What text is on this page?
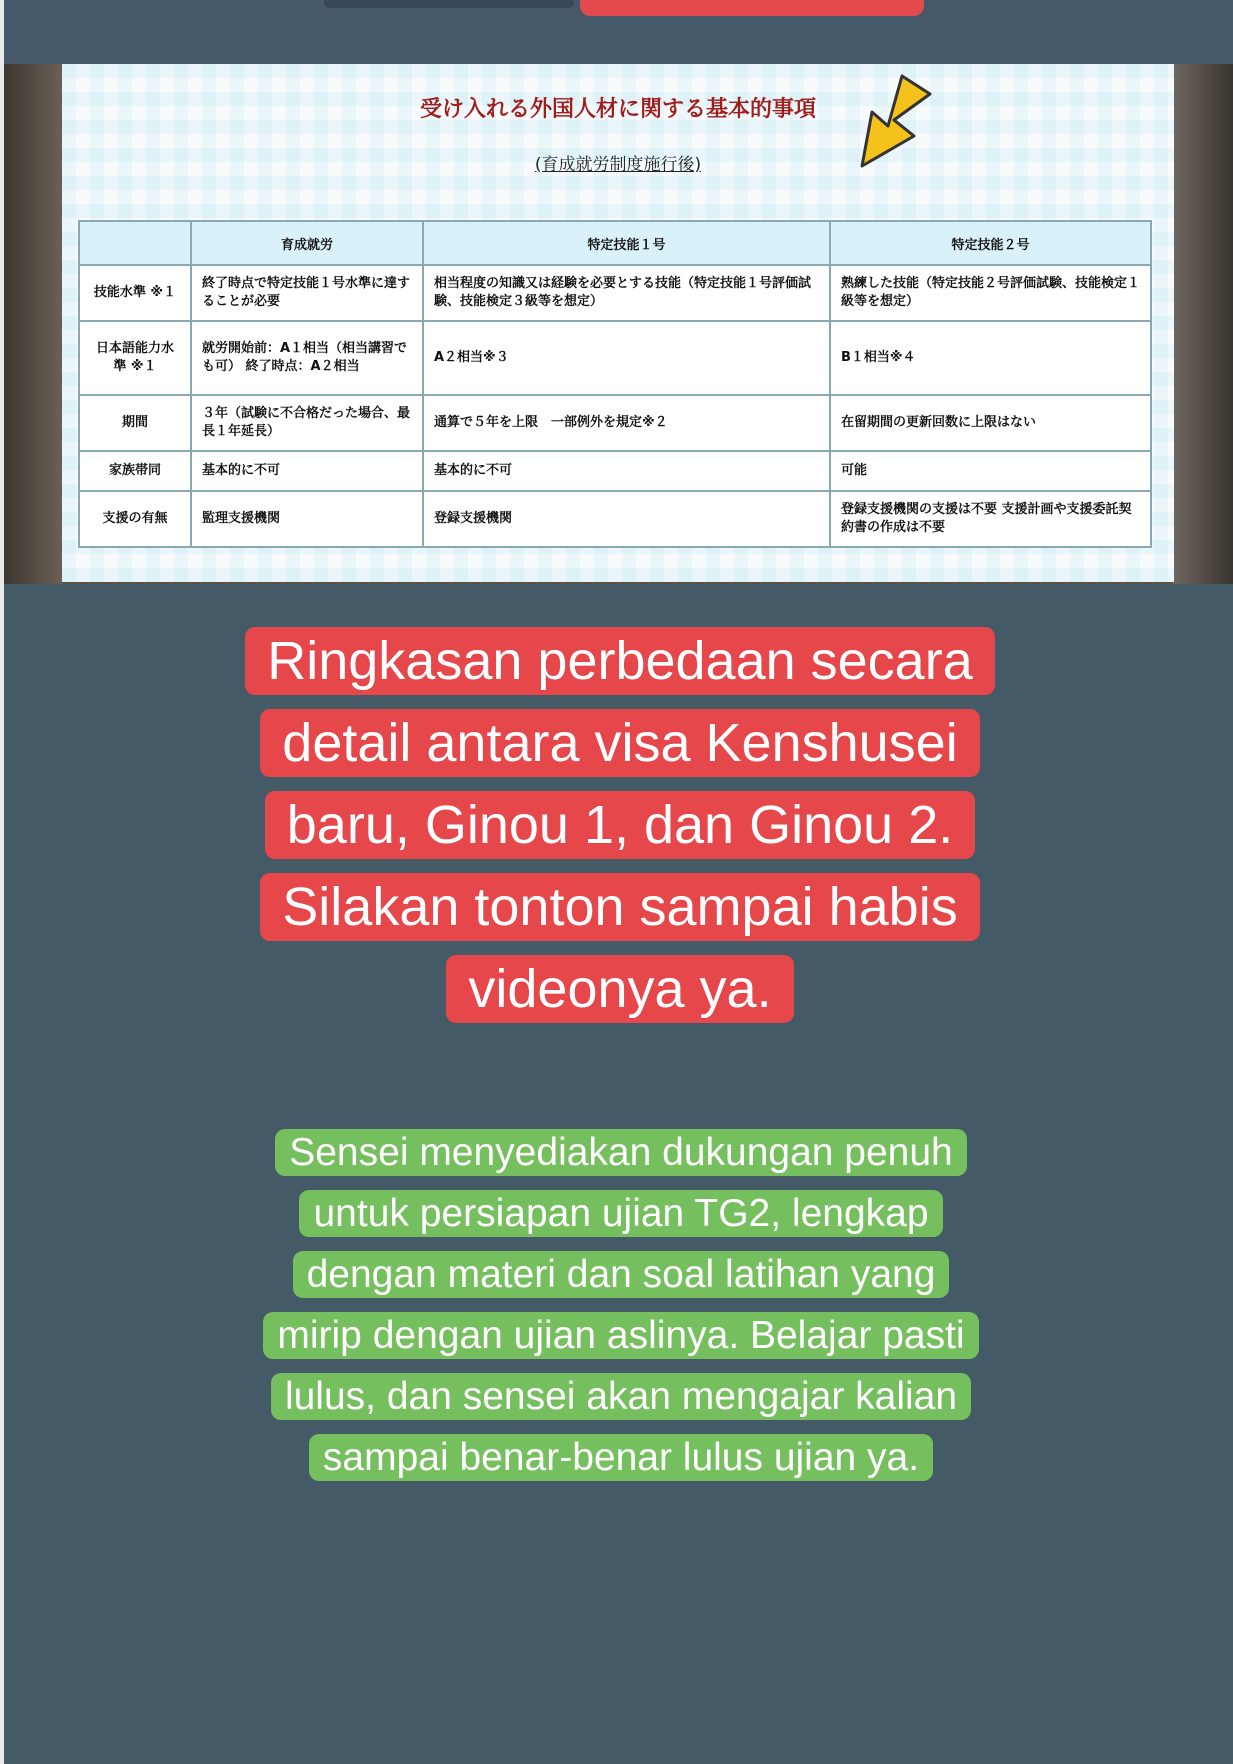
受け入れる外国人材に関する基本的事項
(育成就労制度施行後)
	育成就労	特定技能１号	特定技能２号
技能水準 ※１	終了時点で特定技能１号水準に達することが必要	相当程度の知識又は経験を必要とする技能（特定技能１号評価試験、技能検定３級等を想定）	熟練した技能（特定技能２号評価試験、技能検定１級等を想定）
日本語能力水準 ※１	就労開始前：A１相当（相当講習でも可） 終了時点：A２相当	A２相当※３	B１相当※４
期間	３年（試験に不合格だった場合、最長１年延長）	通算で５年を上限　一部例外を規定※２	在留期間の更新回数に上限はない
家族帯同	基本的に不可	基本的に不可	可能
支援の有無	監理支援機関	登録支援機関	登録支援機関の支援は不要 支援計画や支援委託契約書の作成は不要
Ringkasan perbedaan secara
detail antara visa Kenshusei
baru, Ginou 1, dan Ginou 2.
Silakan tonton sampai habis
videonya ya.
Sensei menyediakan dukungan penuh
untuk persiapan ujian TG2, lengkap
dengan materi dan soal latihan yang
mirip dengan ujian aslinya. Belajar pasti
lulus, dan sensei akan mengajar kalian
sampai benar-benar lulus ujian ya.
